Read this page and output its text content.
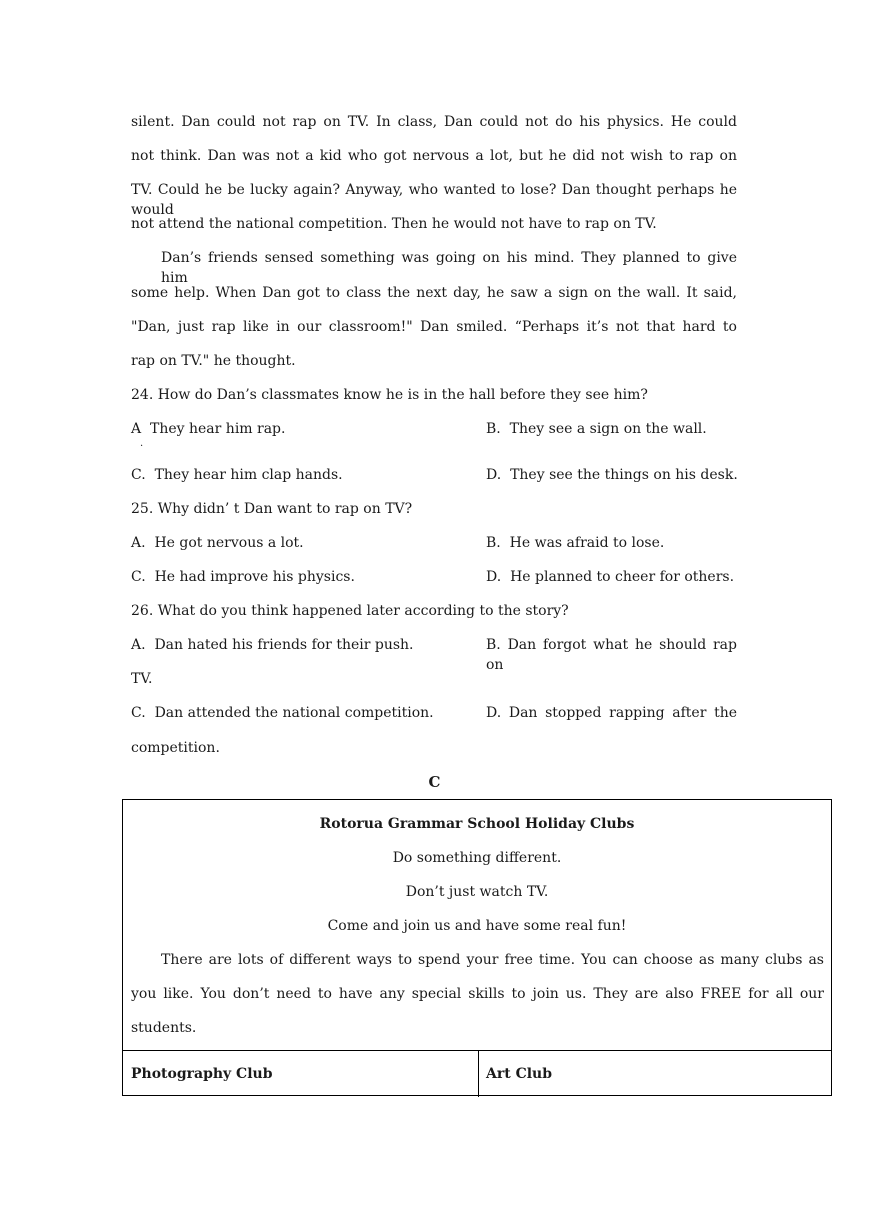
silent. Dan could not rap on TV. In class, Dan could not do his physics. He could
not think. Dan was not a kid who got nervous a lot, but he did not wish to rap on
TV. Could he be lucky again? Anyway, who wanted to lose? Dan thought perhaps he would
not attend the national competition. Then he would not have to rap on TV.
Dan’s friends sensed something was going on his mind. They planned to give him
some help. When Dan got to class the next day, he saw a sign on the wall. It said,
"Dan, just rap like in our classroom!" Dan smiled. “Perhaps it’s not that hard to
rap on TV." he thought.
24. How do Dan’s classmates know he is in the hall before they see him?
A  They hear him rap.	B.  They see a sign on the wall.
.
C.  They hear him clap hands.	D.  They see the things on his desk.
25. Why didn’ t Dan want to rap on TV?
A.  He got nervous a lot.	B.  He was afraid to lose.
C.  He had improve his physics.	D.  He planned to cheer for others.
26. What do you think happened later according to the story?
A.  Dan hated his friends for their push.	B. Dan forgot what he should rap on
TV.
C.  Dan attended the national competition.	D. Dan stopped rapping after the
competition.
C
Rotorua Grammar School Holiday Clubs
Do something different.
Don’t just watch TV.
Come and join us and have some real fun!
There are lots of different ways to spend your free time. You can choose as many clubs as
you like. You don’t need to have any special skills to join us. They are also FREE for all our
students.
Photography Club	Art Club
